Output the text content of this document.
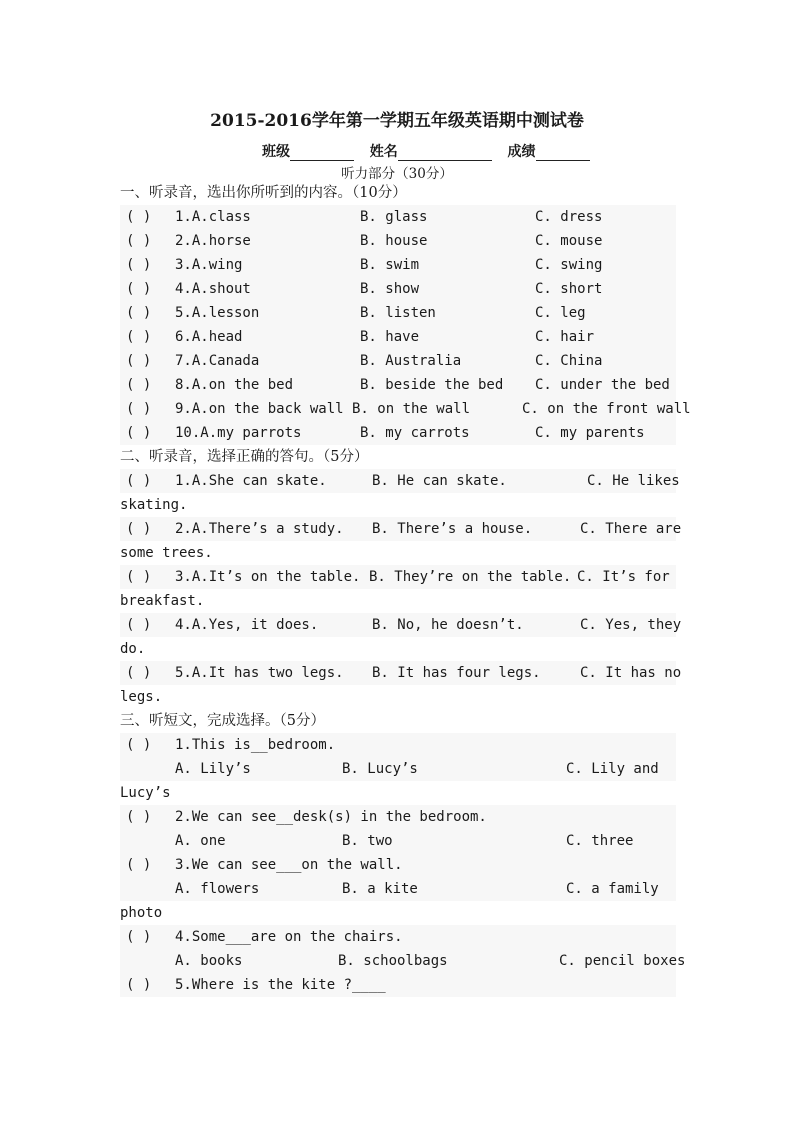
2015-2016学年第一学期五年级英语期中测试卷
班级	姓名	成绩
听力部分（30分）
一、听录音，选出你所听到的内容。（10分）
( ) 1.A.class	B. glass	C. dress
( ) 2.A.horse	B. house	C. mouse
( ) 3.A.wing	B. swim	C. swing
( ) 4.A.shout	B. show	C. short
( ) 5.A.lesson	B. listen	C. leg
( ) 6.A.head	B. have	C. hair
( ) 7.A.Canada	B. Australia	C. China
( ) 8.A.on the bed	B. beside the bed C. under the bed
( ) 9.A.on the back wall B. on the wall	C. on the front wall
( ) 10.A.my parrots	B. my carrots	C. my parents
二、听录音，选择正确的答句。（5分）
( ) 1.A.She can skate.	B. He can skate.	C. He likes
skating.
( ) 2.A.There’s a study. B. There’s a house.	C. There are
some trees.
( ) 3.A.It’s on the table. B. They’re on the table. C. It’s for
breakfast.
( ) 4.A.Yes, it does.	B. No, he doesn’t.	C. Yes, they
do.
( ) 5.A.It has two legs. B. It has four legs.	C. It has no
legs.
三、听短文，完成选择。（5分）
( ) 1.This is__bedroom.
A. Lily’s	B. Lucy’s	C. Lily and
Lucy’s
( ) 2.We can see__desk(s) in the bedroom.
A. one	B. two	C. three
( ) 3.We can see___on the wall.
A. flowers	B. a kite	C. a family
photo
( ) 4.Some___are on the chairs.
A. books	B. schoolbags	C. pencil boxes
( ) 5.Where is the kite ?____
